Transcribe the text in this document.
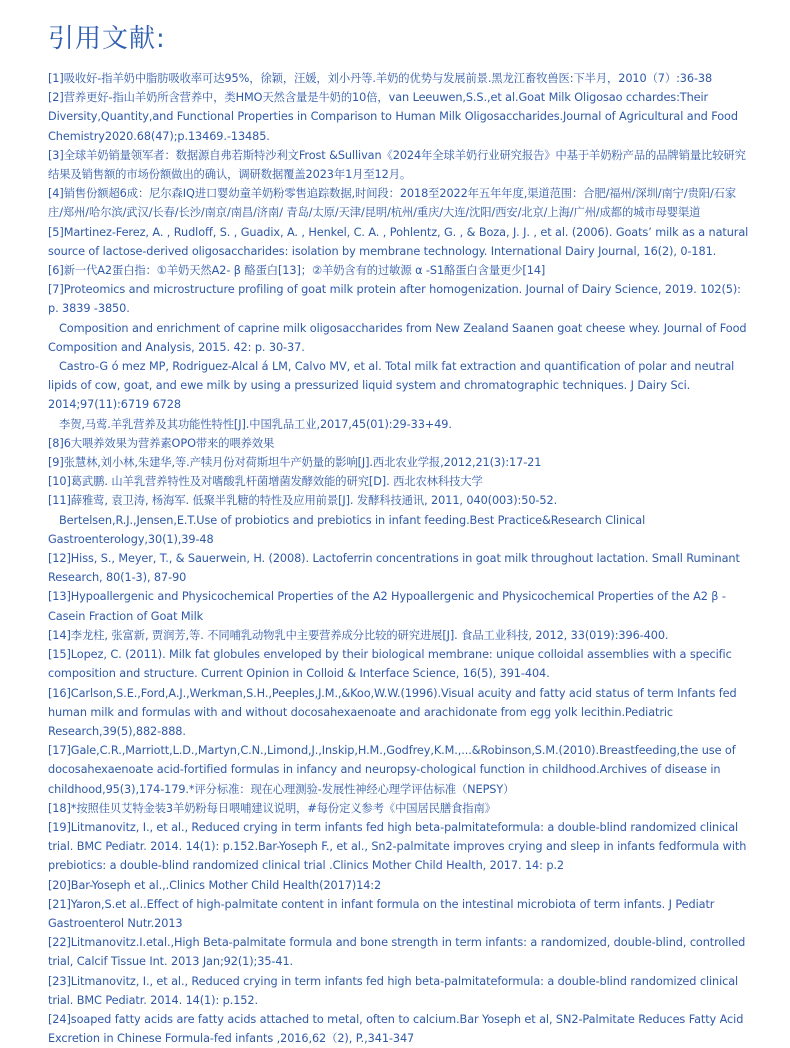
引用文献:

[1]吸收好-指羊奶中脂肪吸收率可达95%，徐颖，汪媛，刘小丹等.羊奶的优势与发展前景.黑龙江畜牧兽医:下半月，2010（7）:36-38

[2]营养更好-指山羊奶所含营养中，类HMO天然含量是牛奶的10倍，van Leeuwen,S.S.,et al.Goat Milk Oligosao cchardes:Their Diversity,Quantity,and Functional Properties in Comparison to Human Milk Oligosaccharides.Journal of Agricultural and Food Chemistry2020.68(47);p.13469.-13485.

[3]全球羊奶销量领军者：数据源自弗若斯特沙利文Frost &Sullivan《2024年全球羊奶行业研究报告》中基于羊奶粉产品的品牌销量比较研究结果及销售额的市场份额做出的确认，调研数据覆盖2023年1月至12月。

[4]销售份额超6成：尼尔森IQ进口婴幼童羊奶粉零售追踪数据,时间段：2018至2022年五年年度,渠道范围：合肥/福州/深圳/南宁/贵阳/石家庄/郑州/哈尔滨/武汉/长春/长沙/南京/南昌/济南/ 青岛/太原/天津/昆明/杭州/重庆/大连/沈阳/西安/北京/上海/广州/成都的城市母婴渠道

[5]Martinez-Ferez, A. , Rudloff, S. , Guadix, A. , Henkel, C. A. , Pohlentz, G. , & Boza, J. J. , et al. (2006). Goats’ milk as a natural source of lactose-derived oligosaccharides: isolation by membrane technology. International Dairy Journal, 16(2), 0-181.

[6]新一代A2蛋白指：①羊奶天然A2- β 酪蛋白[13]；②羊奶含有的过敏源 α -S1酪蛋白含量更少[14]

[7]Proteomics and microstructure profiling of goat milk protein after homogenization. Journal of Dairy Science, 2019. 102(5): p. 3839 -3850.

Composition and enrichment of caprine milk oligosaccharides from New Zealand Saanen goat cheese whey. Journal of Food Composition and Analysis, 2015. 42: p. 30-37.

Castro-G ó mez MP, Rodriguez-Alcal á LM, Calvo MV, et al. Total milk fat extraction and quantification of polar and neutral lipids of cow, goat, and ewe milk by using a pressurized liquid system and chromatographic techniques. J Dairy Sci. 2014;97(11):6719 6728

李贺,马莺.羊乳营养及其功能性特性[J].中国乳品工业,2017,45(01):29-33+49.

[8]6大喂养效果为营养素OPO带来的喂养效果

[9]张慧林,刘小林,朱建华,等.产犊月份对荷斯坦牛产奶量的影响[J].西北农业学报,2012,21(3):17-21

[10]葛武鹏. 山羊乳营养特性及对嗜酸乳杆菌增菌发酵效能的研究[D]. 西北农林科技大学

[11]薛雅莺, 袁卫涛, 杨海军. 低聚半乳糖的特性及应用前景[J]. 发酵科技通讯, 2011, 040(003):50-52.

Bertelsen,R.J.,Jensen,E.T.Use of probiotics and prebiotics in infant feeding.Best Practice&Research Clinical Gastroenterology,30(1),39-48

[12]Hiss, S., Meyer, T., & Sauerwein, H. (2008). Lactoferrin concentrations in goat milk throughout lactation. Small Ruminant Research, 80(1-3), 87-90

[13]Hypoallergenic and Physicochemical Properties of the A2 Hypoallergenic and Physicochemical Properties of the A2 β -Casein Fraction of Goat Milk

[14]李龙柱, 张富新, 贾润芳,等. 不同哺乳动物乳中主要营养成分比较的研究进展[J]. 食品工业科技, 2012, 33(019):396-400.

[15]Lopez, C. (2011). Milk fat globules enveloped by their biological membrane: unique colloidal assemblies with a specific composition and structure. Current Opinion in Colloid & Interface Science, 16(5), 391-404.

[16]Carlson,S.E.,Ford,A.J.,Werkman,S.H.,Peeples,J.M.,&Koo,W.W.(1996).Visual acuity and fatty acid status of term Infants fed human milk and formulas with and without docosahexaenoate and arachidonate from egg yolk lecithin.Pediatric Research,39(5),882-888.

[17]Gale,C.R.,Marriott,L.D.,Martyn,C.N.,Limond,J.,Inskip,H.M.,Godfrey,K.M.,...&Robinson,S.M.(2010).Breastfeeding,the use of docosahexaenoate acid-fortified formulas in infancy and neuropsy-chological function in childhood.Archives of disease in childhood,95(3),174-179.*评分标准：现在心理测验-发展性神经心理学评估标准（NEPSY）

[18]*按照佳贝艾特金装3羊奶粉每日喂哺建议说明，#每份定义参考《中国居民膳食指南》

[19]Litmanovitz, I., et al., Reduced crying in term infants fed high beta-palmitateformula: a double-blind randomized clinical trial. BMC Pediatr. 2014. 14(1): p.152.Bar-Yoseph F., et al., Sn2-palmitate improves crying and sleep in infants fedformula with prebiotics: a double-blind randomized clinical trial .Clinics Mother Child Health, 2017. 14: p.2

[20]Bar-Yoseph et al.,.Clinics Mother Child Health(2017)14:2

[21]Yaron,S.et al..Effect of high-palmitate content in infant formula on the intestinal microbiota of term infants. J Pediatr Gastroenterol Nutr.2013

[22]Litmanovitz.I.etal.,High Beta-palmitate formula and bone strength in term infants: a randomized, double-blind, controlled trial, Calcif Tissue Int. 2013 Jan;92(1);35-41.

[23]Litmanovitz, I., et al., Reduced crying in term infants fed high beta-palmitateformula: a double-blind randomized clinical trial. BMC Pediatr. 2014. 14(1): p.152.

[24]soaped fatty acids are fatty acids attached to metal, often to calcium.Bar Yoseph et al, SN2-Palmitate Reduces Fatty Acid Excretion in Chinese Formula-fed infants ,2016,62（2), P.,341-347
